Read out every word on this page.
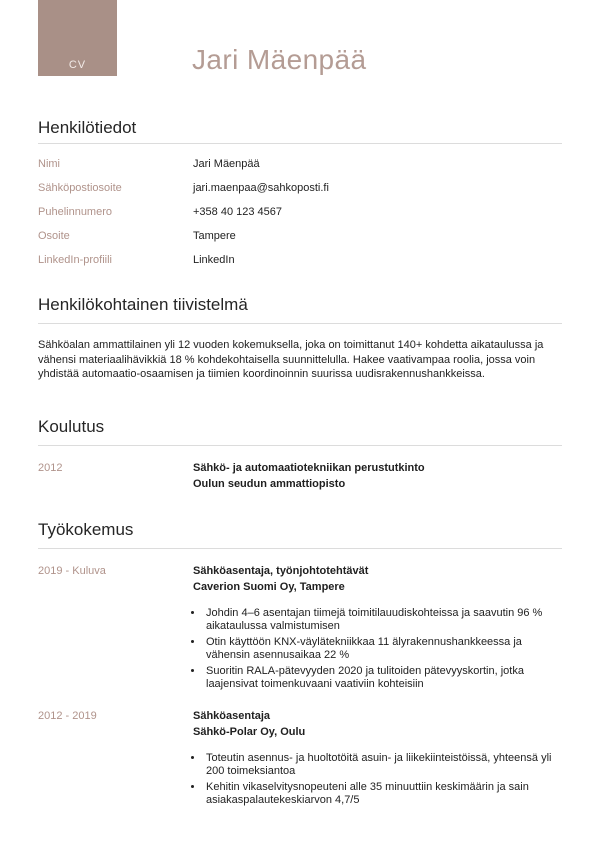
CV	Jari Mäenpää
Henkilötiedot
Nimi	Jari Mäenpää
Sähköpostiosoite	jari.maenpaa@sahkoposti.fi
Puhelinnumero	+358 40 123 4567
Osoite	Tampere
LinkedIn-profiili	LinkedIn
Henkilökohtainen tiivistelmä

Sähköalan ammattilainen yli 12 vuoden kokemuksella, joka on toimittanut 140+ kohdetta aikataulussa ja vähensi materiaalihävikkiä 18 % kohdekohtaisella suunnittelulla. Hakee vaativampaa roolia, jossa voin yhdistää automaatio-osaamisen ja tiimien koordinoinnin suurissa uudisrakennushankkeissa.

Koulutus
2012	Sähkö- ja automaatiotekniikan perustutkinto
Oulun seudun ammattiopisto
Työkokemus
2019 - Kuluva	Sähköasentaja, työnjohtotehtävät
Caverion Suomi Oy, Tampere
• Johdin 4–6 asentajan tiimejä toimitilauudiskohteissa ja saavutin 96 % aikataulussa valmistumisen
• Otin käyttöön KNX-väylätekniikkaa 11 älyrakennushankkeessa ja vähensin asennusaikaa 22 %
• Suoritin RALA-pätevyyden 2020 ja tulitoiden pätevyyskortin, jotka laajensivat toimenkuvaani vaativiin kohteisiin
2012 - 2019	Sähköasentaja
Sähkö-Polar Oy, Oulu
• Toteutin asennus- ja huoltotöitä asuin- ja liikekiinteistöissä, yhteensä yli 200 toimeksiantoa
• Kehitin vikaselvitysnopeuteni alle 35 minuuttiin keskimäärin ja sain asiakaspalautekeskiarvon 4,7/5
